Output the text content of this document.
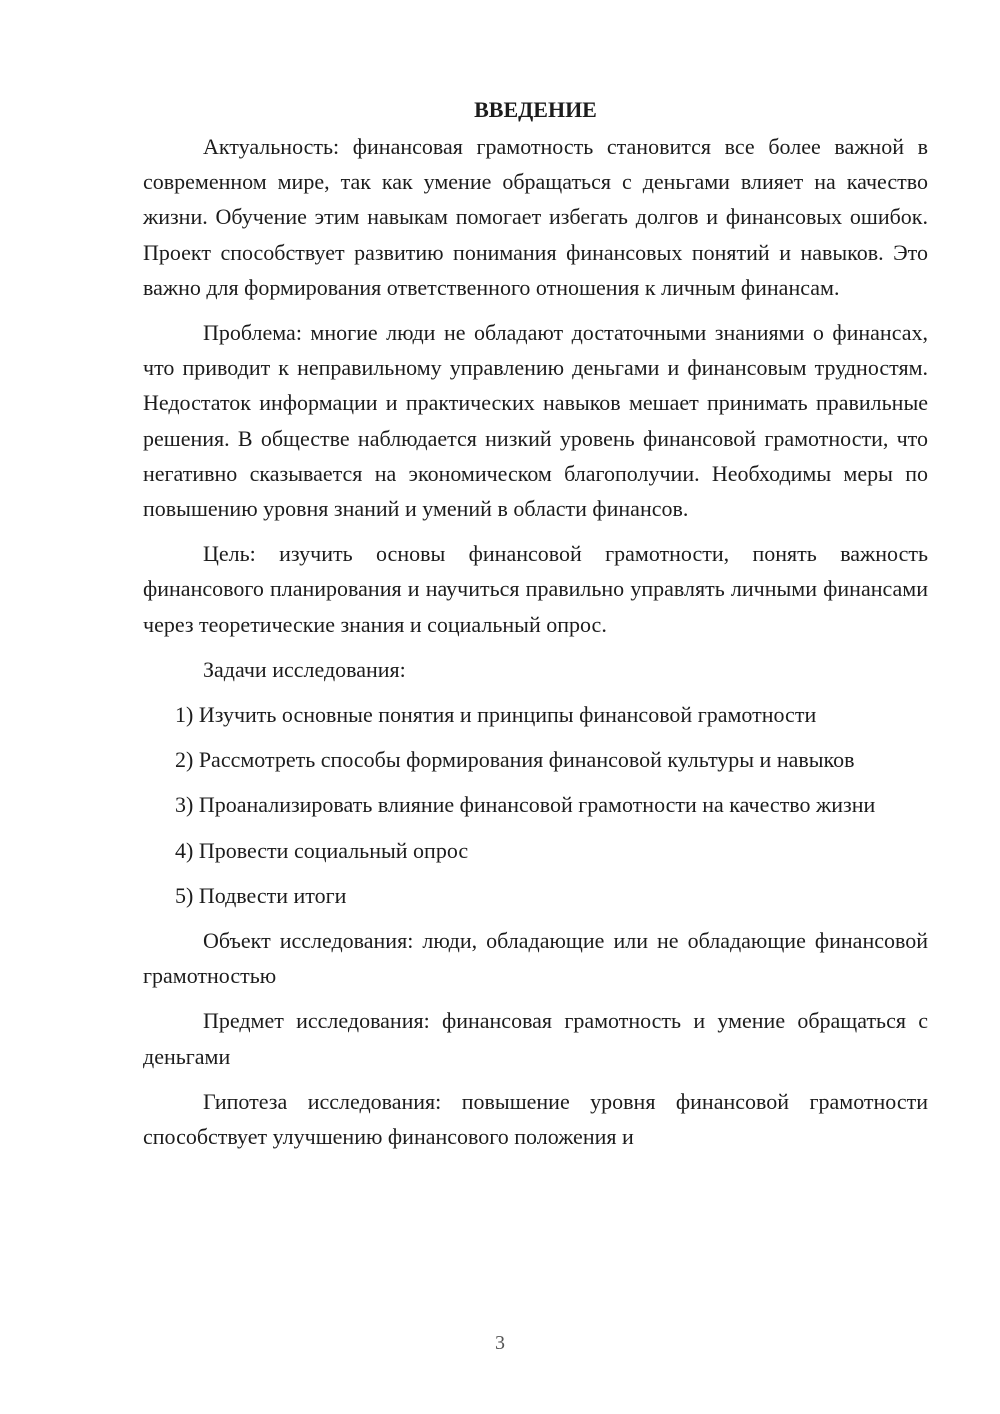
ВВЕДЕНИЕ

Актуальность: финансовая грамотность становится все более важной в современном мире, так как умение обращаться с деньгами влияет на качество жизни. Обучение этим навыкам помогает избегать долгов и финансовых ошибок. Проект способствует развитию понимания финансовых понятий и навыков. Это важно для формирования ответственного отношения к личным финансам.

Проблема: многие люди не обладают достаточными знаниями о финансах, что приводит к неправильному управлению деньгами и финансовым трудностям. Недостаток информации и практических навыков мешает принимать правильные решения. В обществе наблюдается низкий уровень финансовой грамотности, что негативно сказывается на экономическом благополучии. Необходимы меры по повышению уровня знаний и умений в области финансов.

Цель: изучить основы финансовой грамотности, понять важность финансового планирования и научиться правильно управлять личными финансами через теоретические знания и социальный опрос.

Задачи исследования:

1) Изучить основные понятия и принципы финансовой грамотности

2) Рассмотреть способы формирования финансовой культуры и навыков

3) Проанализировать влияние финансовой грамотности на качество жизни

4) Провести социальный опрос

5) Подвести итоги

Объект исследования: люди, обладающие или не обладающие финансовой грамотностью

Предмет исследования: финансовая грамотность и умение обращаться с деньгами

Гипотеза исследования: повышение уровня финансовой грамотности способствует улучшению финансового положения и

3
